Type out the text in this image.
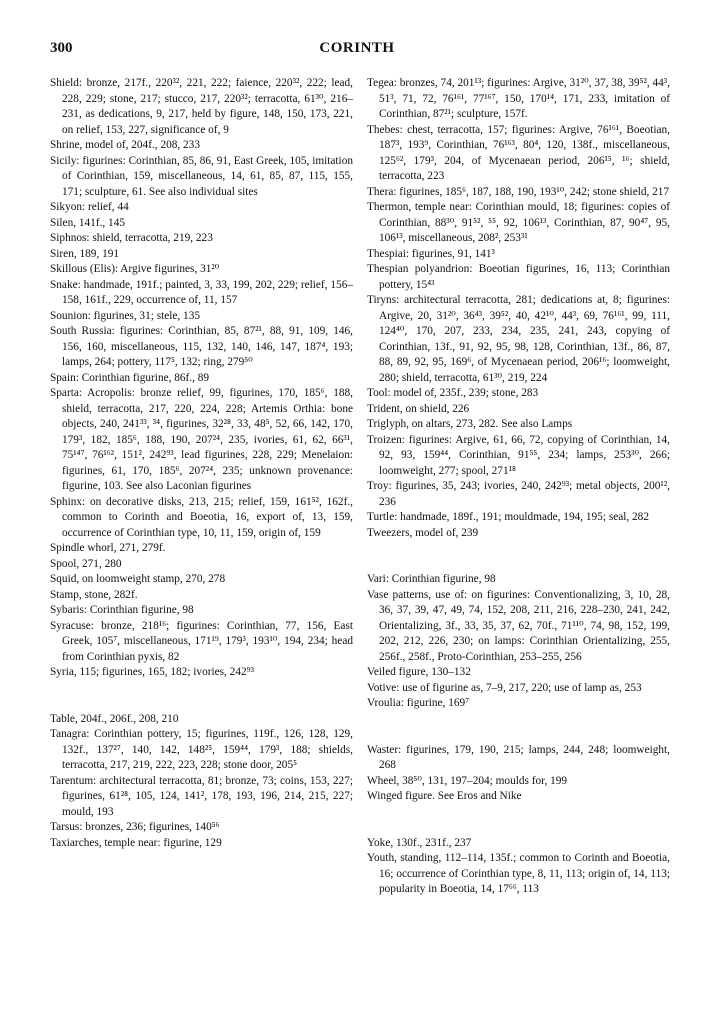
300	CORINTH

Shield: bronze, 217f., 220³², 221, 222; faience, 220³², 222; lead, 228, 229; stone, 217; stucco, 217, 220³²; terracotta, 61³⁰, 216–231, as dedications, 9, 217, held by figure, 148, 150, 173, 221, on relief, 153, 227, significance of, 9

Shrine, model of, 204f., 208, 233

Sicily: figurines: Corinthian, 85, 86, 91, East Greek, 105, imitation of Corinthian, 159, miscellaneous, 14, 61, 85, 87, 115, 155, 171; sculpture, 61. See also individual sites

Sikyon: relief, 44

Silen, 141f., 145

Siphnos: shield, terracotta, 219, 223

Siren, 189, 191

Skillous (Elis): Argive figurines, 31²⁰

Snake: handmade, 191f.; painted, 3, 33, 199, 202, 229; relief, 156–158, 161f., 229, occurrence of, 11, 157

Sounion: figurines, 31; stele, 135

South Russia: figurines: Corinthian, 85, 87²¹, 88, 91, 109, 146, 156, 160, miscellaneous, 115, 132, 140, 146, 147, 187⁴, 193; lamps, 264; pottery, 117⁵, 132; ring, 279⁵⁰

Spain: Corinthian figurine, 86f., 89

Sparta: Acropolis: bronze relief, 99, figurines, 170, 185⁶, 188, shield, terracotta, 217, 220, 224, 228; Artemis Orthia: bone objects, 240, 241³³, ³⁴, figurines, 32²⁸, 33, 48⁵, 52, 66, 142, 170, 179³, 182, 185⁶, 188, 190, 207²⁴, 235, ivories, 61, 62, 66³¹, 75¹⁴⁷, 76¹⁶², 151², 242⁹³, lead figurines, 228, 229; Menelaion: figurines, 61, 170, 185⁶, 207²⁴, 235; unknown provenance: figurine, 103. See also Laconian figurines

Sphinx: on decorative disks, 213, 215; relief, 159, 161⁵², 162f., common to Corinth and Boeotia, 16, export of, 13, 159, occurrence of Corinthian type, 10, 11, 159, origin of, 159

Spindle whorl, 271, 279f.

Spool, 271, 280

Squid, on loomweight stamp, 270, 278

Stamp, stone, 282f.

Sybaris: Corinthian figurine, 98

Syracuse: bronze, 218¹⁶; figurines: Corinthian, 77, 156, East Greek, 105⁷, miscellaneous, 171¹⁹, 179³, 193¹⁰, 194, 234; head from Corinthian pyxis, 82

Syria, 115; figurines, 165, 182; ivories, 242⁹³

Table, 204f., 206f., 208, 210

Tanagra: Corinthian pottery, 15; figurines, 119f., 126, 128, 129, 132f., 137²⁷, 140, 142, 148²⁵, 159⁴⁴, 179³, 188; shields, terracotta, 217, 219, 222, 223, 228; stone door, 205⁵

Tarentum: architectural terracotta, 81; bronze, 73; coins, 153, 227; figurines, 61²⁸, 105, 124, 141², 178, 193, 196, 214, 215, 227; mould, 193

Tarsus: bronzes, 236; figurines, 140⁵⁶

Taxiarches, temple near: figurine, 129

Tegea: bronzes, 74, 201¹³; figurines: Argive, 31²⁰, 37, 38, 39⁵², 44³, 51³, 71, 72, 76¹⁶¹, 77¹⁶⁷, 150, 170¹⁴, 171, 233, imitation of Corinthian, 87²¹; sculpture, 157f.

Thebes: chest, terracotta, 157; figurines: Argive, 76¹⁶¹, Boeotian, 187³, 193⁹, Corinthian, 76¹⁶³, 80⁴, 120, 138f., miscellaneous, 125⁶², 179³, 204, of Mycenaean period, 206¹⁵, ¹⁶; shield, terracotta, 223

Thera: figurines, 185⁶, 187, 188, 190, 193¹⁰, 242; stone shield, 217

Thermon, temple near: Corinthian mould, 18; figurines: copies of Corinthian, 88³⁰, 91⁵², ⁵⁵, 92, 106¹³, Corinthian, 87, 90⁴⁷, 95, 106¹³, miscellaneous, 208², 253³¹

Thespiai: figurines, 91, 141³

Thespian polyandrion: Boeotian figurines, 16, 113; Corinthian pottery, 15⁴³

Tiryns: architectural terracotta, 281; dedications at, 8; figurines: Argive, 20, 31²⁰, 36⁴³, 39⁵², 40, 42¹⁰, 44³, 69, 76¹⁶¹, 99, 111, 124⁴⁰, 170, 207, 233, 234, 235, 241, 243, copying of Corinthian, 13f., 91, 92, 95, 98, 128, Corinthian, 13f., 86, 87, 88, 89, 92, 95, 169⁶, of Mycenaean period, 206¹⁶; loomweight, 280; shield, terracotta, 61³⁰, 219, 224

Tool: model of, 235f., 239; stone, 283

Trident, on shield, 226

Triglyph, on altars, 273, 282. See also Lamps

Troizen: figurines: Argive, 61, 66, 72, copying of Corinthian, 14, 92, 93, 159⁴⁴, Corinthian, 91⁵⁵, 234; lamps, 253³⁰, 266; loomweight, 277; spool, 271¹⁸

Troy: figurines, 35, 243; ivories, 240, 242⁹³; metal objects, 200¹², 236

Turtle: handmade, 189f., 191; mouldmade, 194, 195; seal, 282

Tweezers, model of, 239

Vari: Corinthian figurine, 98

Vase patterns, use of: on figurines: Conventionalizing, 3, 10, 28, 36, 37, 39, 47, 49, 74, 152, 208, 211, 216, 228–230, 241, 242, Orientalizing, 3f., 33, 35, 37, 62, 70f., 71¹¹⁰, 74, 98, 152, 199, 202, 212, 226, 230; on lamps: Corinthian Orientalizing, 255, 256f., 258f., Proto-Corinthian, 253–255, 256

Veiled figure, 130–132

Votive: use of figurine as, 7–9, 217, 220; use of lamp as, 253

Vroulia: figurine, 169⁷

Waster: figurines, 179, 190, 215; lamps, 244, 248; loomweight, 268

Wheel, 38⁵⁰, 131, 197–204; moulds for, 199

Winged figure. See Eros and Nike

Yoke, 130f., 231f., 237

Youth, standing, 112–114, 135f.; common to Corinth and Boeotia, 16; occurrence of Corinthian type, 8, 11, 113; origin of, 14, 113; popularity in Boeotia, 14, 17⁶⁶, 113
